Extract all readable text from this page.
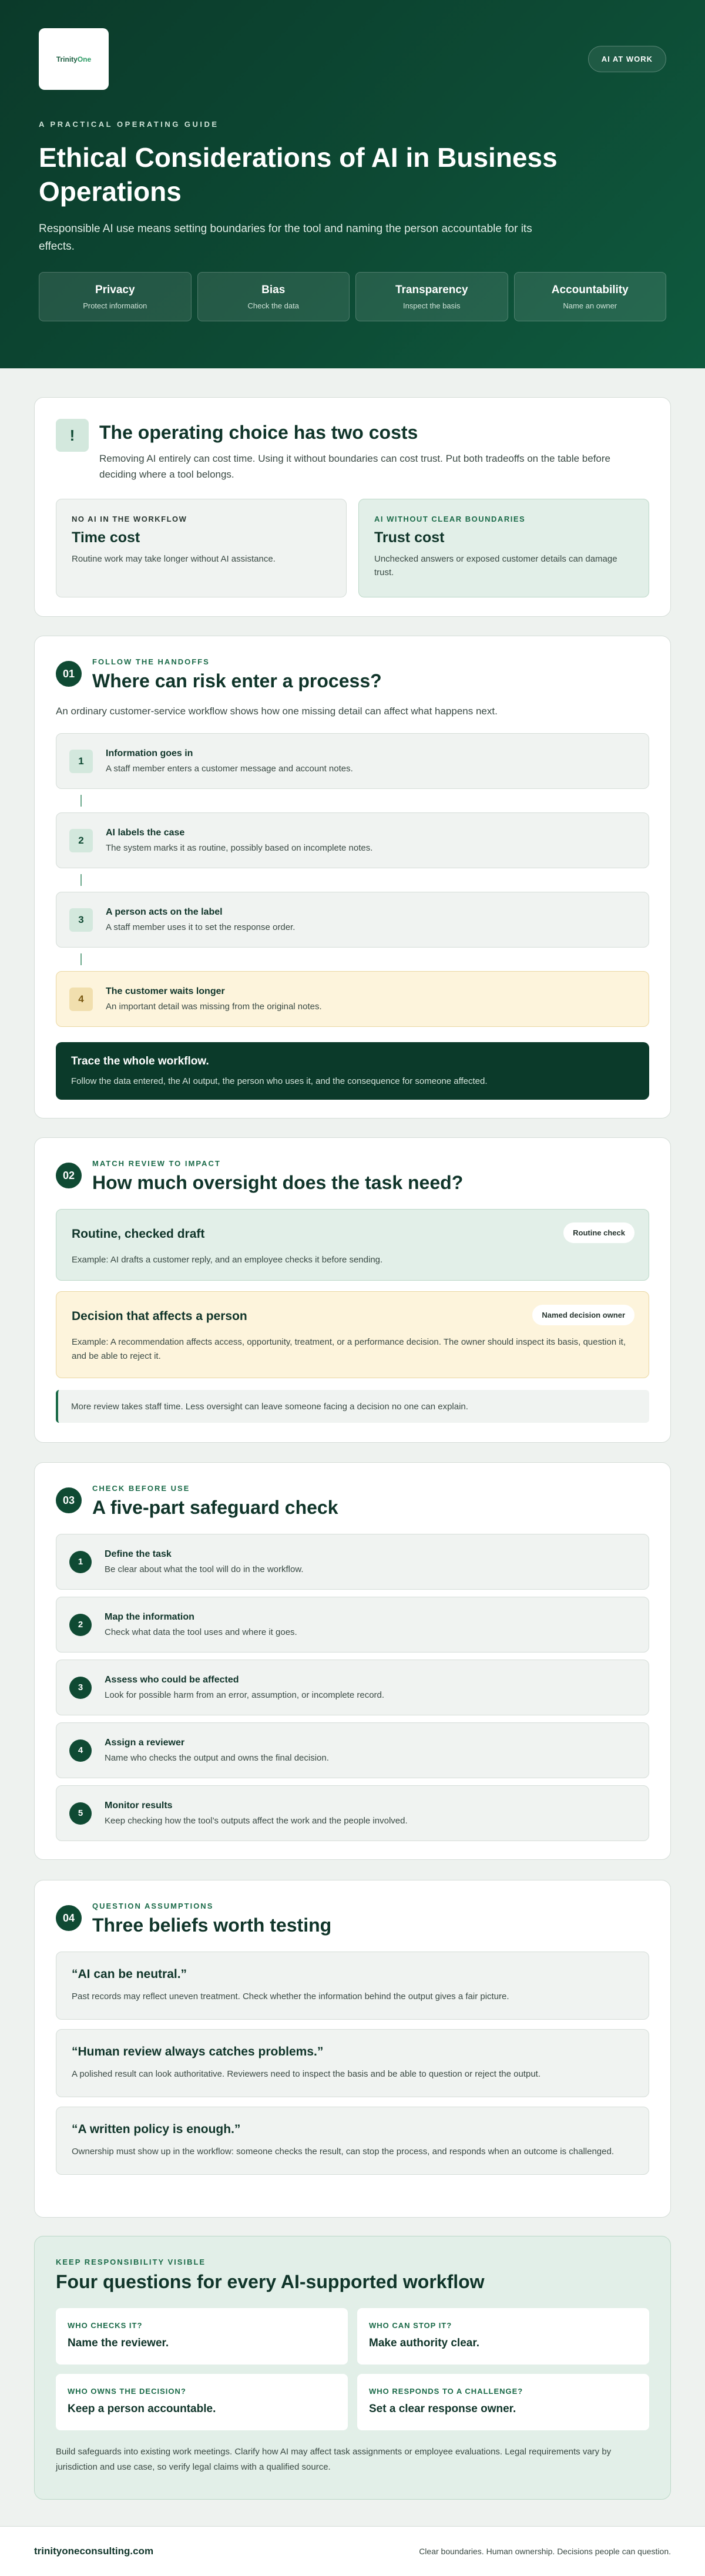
Trinity One	AI AT WORK
A PRACTICAL OPERATING GUIDE
Ethical Considerations of AI in Business Operations

Responsible AI use means setting boundaries for the tool and naming the person accountable for its effects.

Privacy
Protect information
Bias
Check the data
Transparency
Inspect the basis
Accountability
Name an owner
!	The operating choice has two costs

Removing AI entirely can cost time. Using it without boundaries can cost trust. Put both tradeoffs on the table before deciding where a tool belongs.

NO AI IN THE WORKFLOW
Time cost
Routine work may take longer without AI assistance.
AI WITHOUT CLEAR BOUNDARIES
Trust cost
Unchecked answers or exposed customer details can damage trust.
01
FOLLOW THE HANDOFFS
Where can risk enter a process?

An ordinary customer-service workflow shows how one missing detail can affect what happens next.

1
Information goes in
A staff member enters a customer message and account notes.
2
AI labels the case
The system marks it as routine, possibly based on incomplete notes.
3
A person acts on the label
A staff member uses it to set the response order.
4
The customer waits longer
An important detail was missing from the original notes.
Trace the whole workflow.
Follow the data entered, the AI output, the person who uses it, and the consequence for someone affected.
02
MATCH REVIEW TO IMPACT
How much oversight does the task need?
Routine, checked draft	Routine check
Example: AI drafts a customer reply, and an employee checks it before sending.
Decision that affects a person	Named decision owner
Example: A recommendation affects access, opportunity, treatment, or a performance decision. The owner should inspect its basis, question it, and be able to reject it.
More review takes staff time. Less oversight can leave someone facing a decision no one can explain.
03
CHECK BEFORE USE
A five-part safeguard check
1
Define the task
Be clear about what the tool will do in the workflow.
2
Map the information
Check what data the tool uses and where it goes.
3
Assess who could be affected
Look for possible harm from an error, assumption, or incomplete record.
4
Assign a reviewer
Name who checks the output and owns the final decision.
5
Monitor results
Keep checking how the tool’s outputs affect the work and the people involved.
04
QUESTION ASSUMPTIONS
Three beliefs worth testing
“AI can be neutral.”
Past records may reflect uneven treatment. Check whether the information behind the output gives a fair picture.
“Human review always catches problems.”
A polished result can look authoritative. Reviewers need to inspect the basis and be able to question or reject the output.
“A written policy is enough.”
Ownership must show up in the workflow: someone checks the result, can stop the process, and responds when an outcome is challenged.
KEEP RESPONSIBILITY VISIBLE
Four questions for every AI-supported workflow
WHO CHECKS IT?
Name the reviewer.
WHO CAN STOP IT?
Make authority clear.
WHO OWNS THE DECISION?
Keep a person accountable.
WHO RESPONDS TO A CHALLENGE?
Set a clear response owner.

Build safeguards into existing work meetings. Clarify how AI may affect task assignments or employee evaluations. Legal requirements vary by jurisdiction and use case, so verify legal claims with a qualified source.

trinityoneconsulting.com	Clear boundaries. Human ownership. Decisions people can question.
